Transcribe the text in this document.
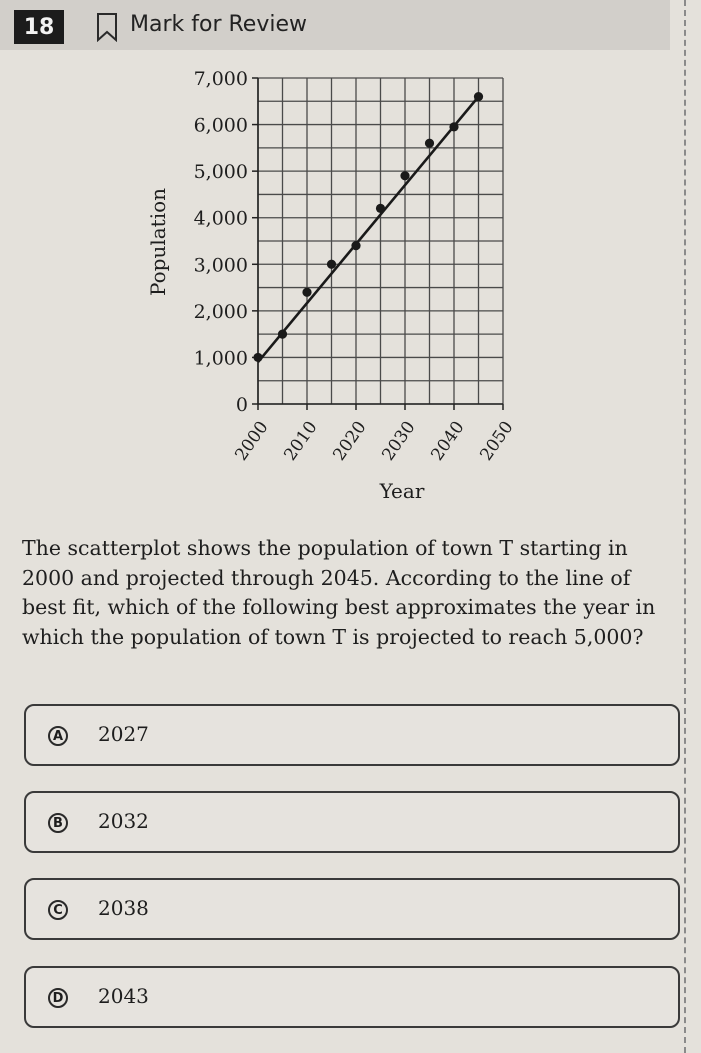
18	Mark for Review
0
1,000
2,000
3,000
4,000
5,000
6,000
7,000
2000 2010 2020 2030 2040 2050
Year
Population
The scatterplot shows the population of town T starting in 2000 and projected through 2045. According to the line of best fit, which of the following best approximates the year in which the population of town T is projected to reach 5,000?
A 2027
B 2032
C 2038
D 2043
